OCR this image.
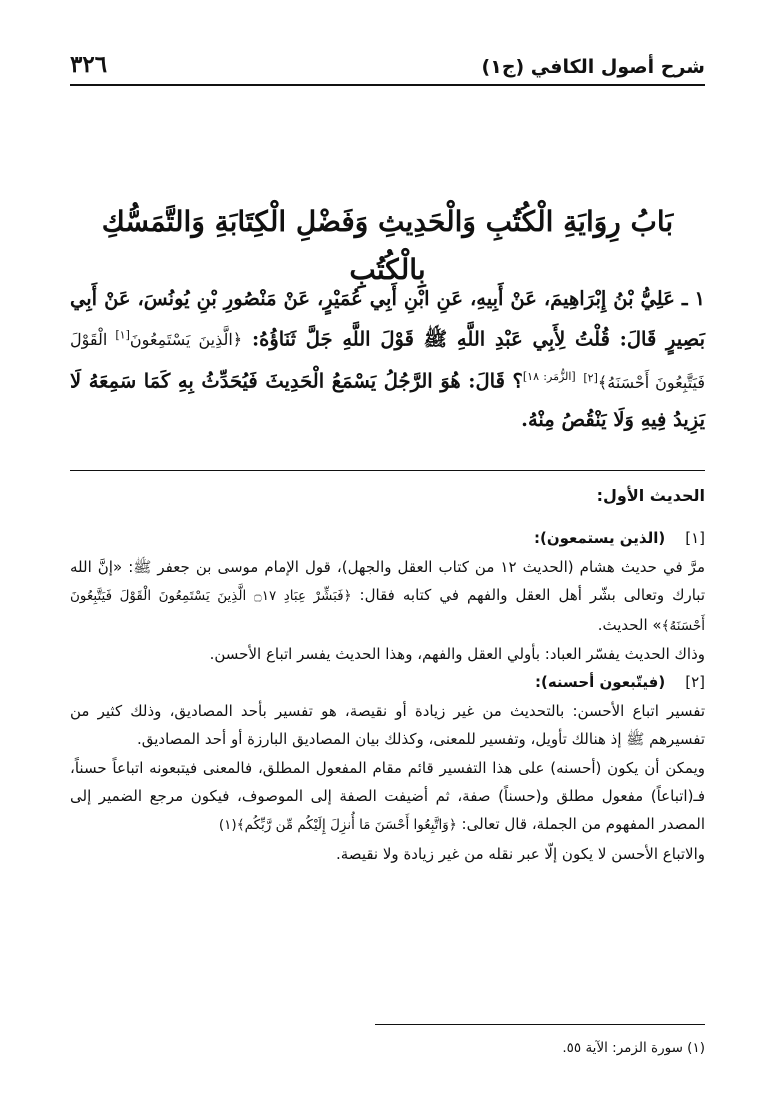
شرح أصول الكافي (ج١)
٣٢٦
بَابُ رِوَايَةِ الْكُتُبِ وَالْحَدِيثِ وَفَضْلِ الْكِتَابَةِ وَالتَّمَسُّكِ بِالْكُتُبِ

١ ـ عَلِيُّ بْنُ إِبْرَاهِيمَ، عَنْ أَبِيهِ، عَنِ ابْنِ أَبِي عُمَيْرٍ، عَنْ مَنْصُورِ بْنِ يُونُسَ، عَنْ أَبِي بَصِيرٍ قَالَ: قُلْتُ لِأَبِي عَبْدِ اللَّهِ ﷺ قَوْلَ اللَّهِ جَلَّ ثَنَاؤُهُ: ﴿الَّذِينَ يَسْتَمِعُونَ[١] الْقَوْلَ فَيَتَّبِعُونَ أَحْسَنَهُ﴾[٢] [الزُّمَر: ١٨]؟ قَالَ: هُوَ الرَّجُلُ يَسْمَعُ الْحَدِيثَ فَيُحَدِّثُ بِهِ كَمَا سَمِعَهُ لَا يَزِيدُ فِيهِ وَلَا يَنْقُصُ مِنْهُ.

الحديث الأول:

[١]
(الذين يستمعون):

مرَّ في حديث هشام (الحديث ١٢ من كتاب العقل والجهل)، قول الإمام موسى بن جعفر ﷺ: «إنَّ الله تبارك وتعالى بشّر أهل العقل والفهم في كتابه فقال: ﴿فَبَشِّرْ عِبَادِ ۝١٧ الَّذِينَ يَسْتَمِعُونَ الْقَوْلَ فَيَتَّبِعُونَ أَحْسَنَهُ﴾» الحديث.

وذاك الحديث يفسّر العباد: بأولي العقل والفهم، وهذا الحديث يفسر اتباع الأحسن.

[٢]
(فيتّبعون أحسنه):

تفسير اتباع الأحسن: بالتحديث من غير زيادة أو نقيصة، هو تفسير بأحد المصاديق، وذلك كثير من تفسيرهم ﷺ إذ هنالك تأويل، وتفسير للمعنى، وكذلك بيان المصاديق البارزة أو أحد المصاديق.

ويمكن أن يكون (أحسنه) على هذا التفسير قائم مقام المفعول المطلق، فالمعنى فيتبعونه اتباعاً حسناً، فـ(اتباعاً) مفعول مطلق و(حسناً) صفة، ثم أضيفت الصفة إلى الموصوف، فيكون مرجع الضمير إلى المصدر المفهوم من الجملة، قال تعالى: ﴿وَاتَّبِعُوا أَحْسَنَ مَا أُنزِلَ إِلَيْكُم مِّن رَّبِّكُم﴾(١)

والاتباع الأحسن لا يكون إلّا عبر نقله من غير زيادة ولا نقيصة.

(١) سورة الزمر: الآية ٥٥.
